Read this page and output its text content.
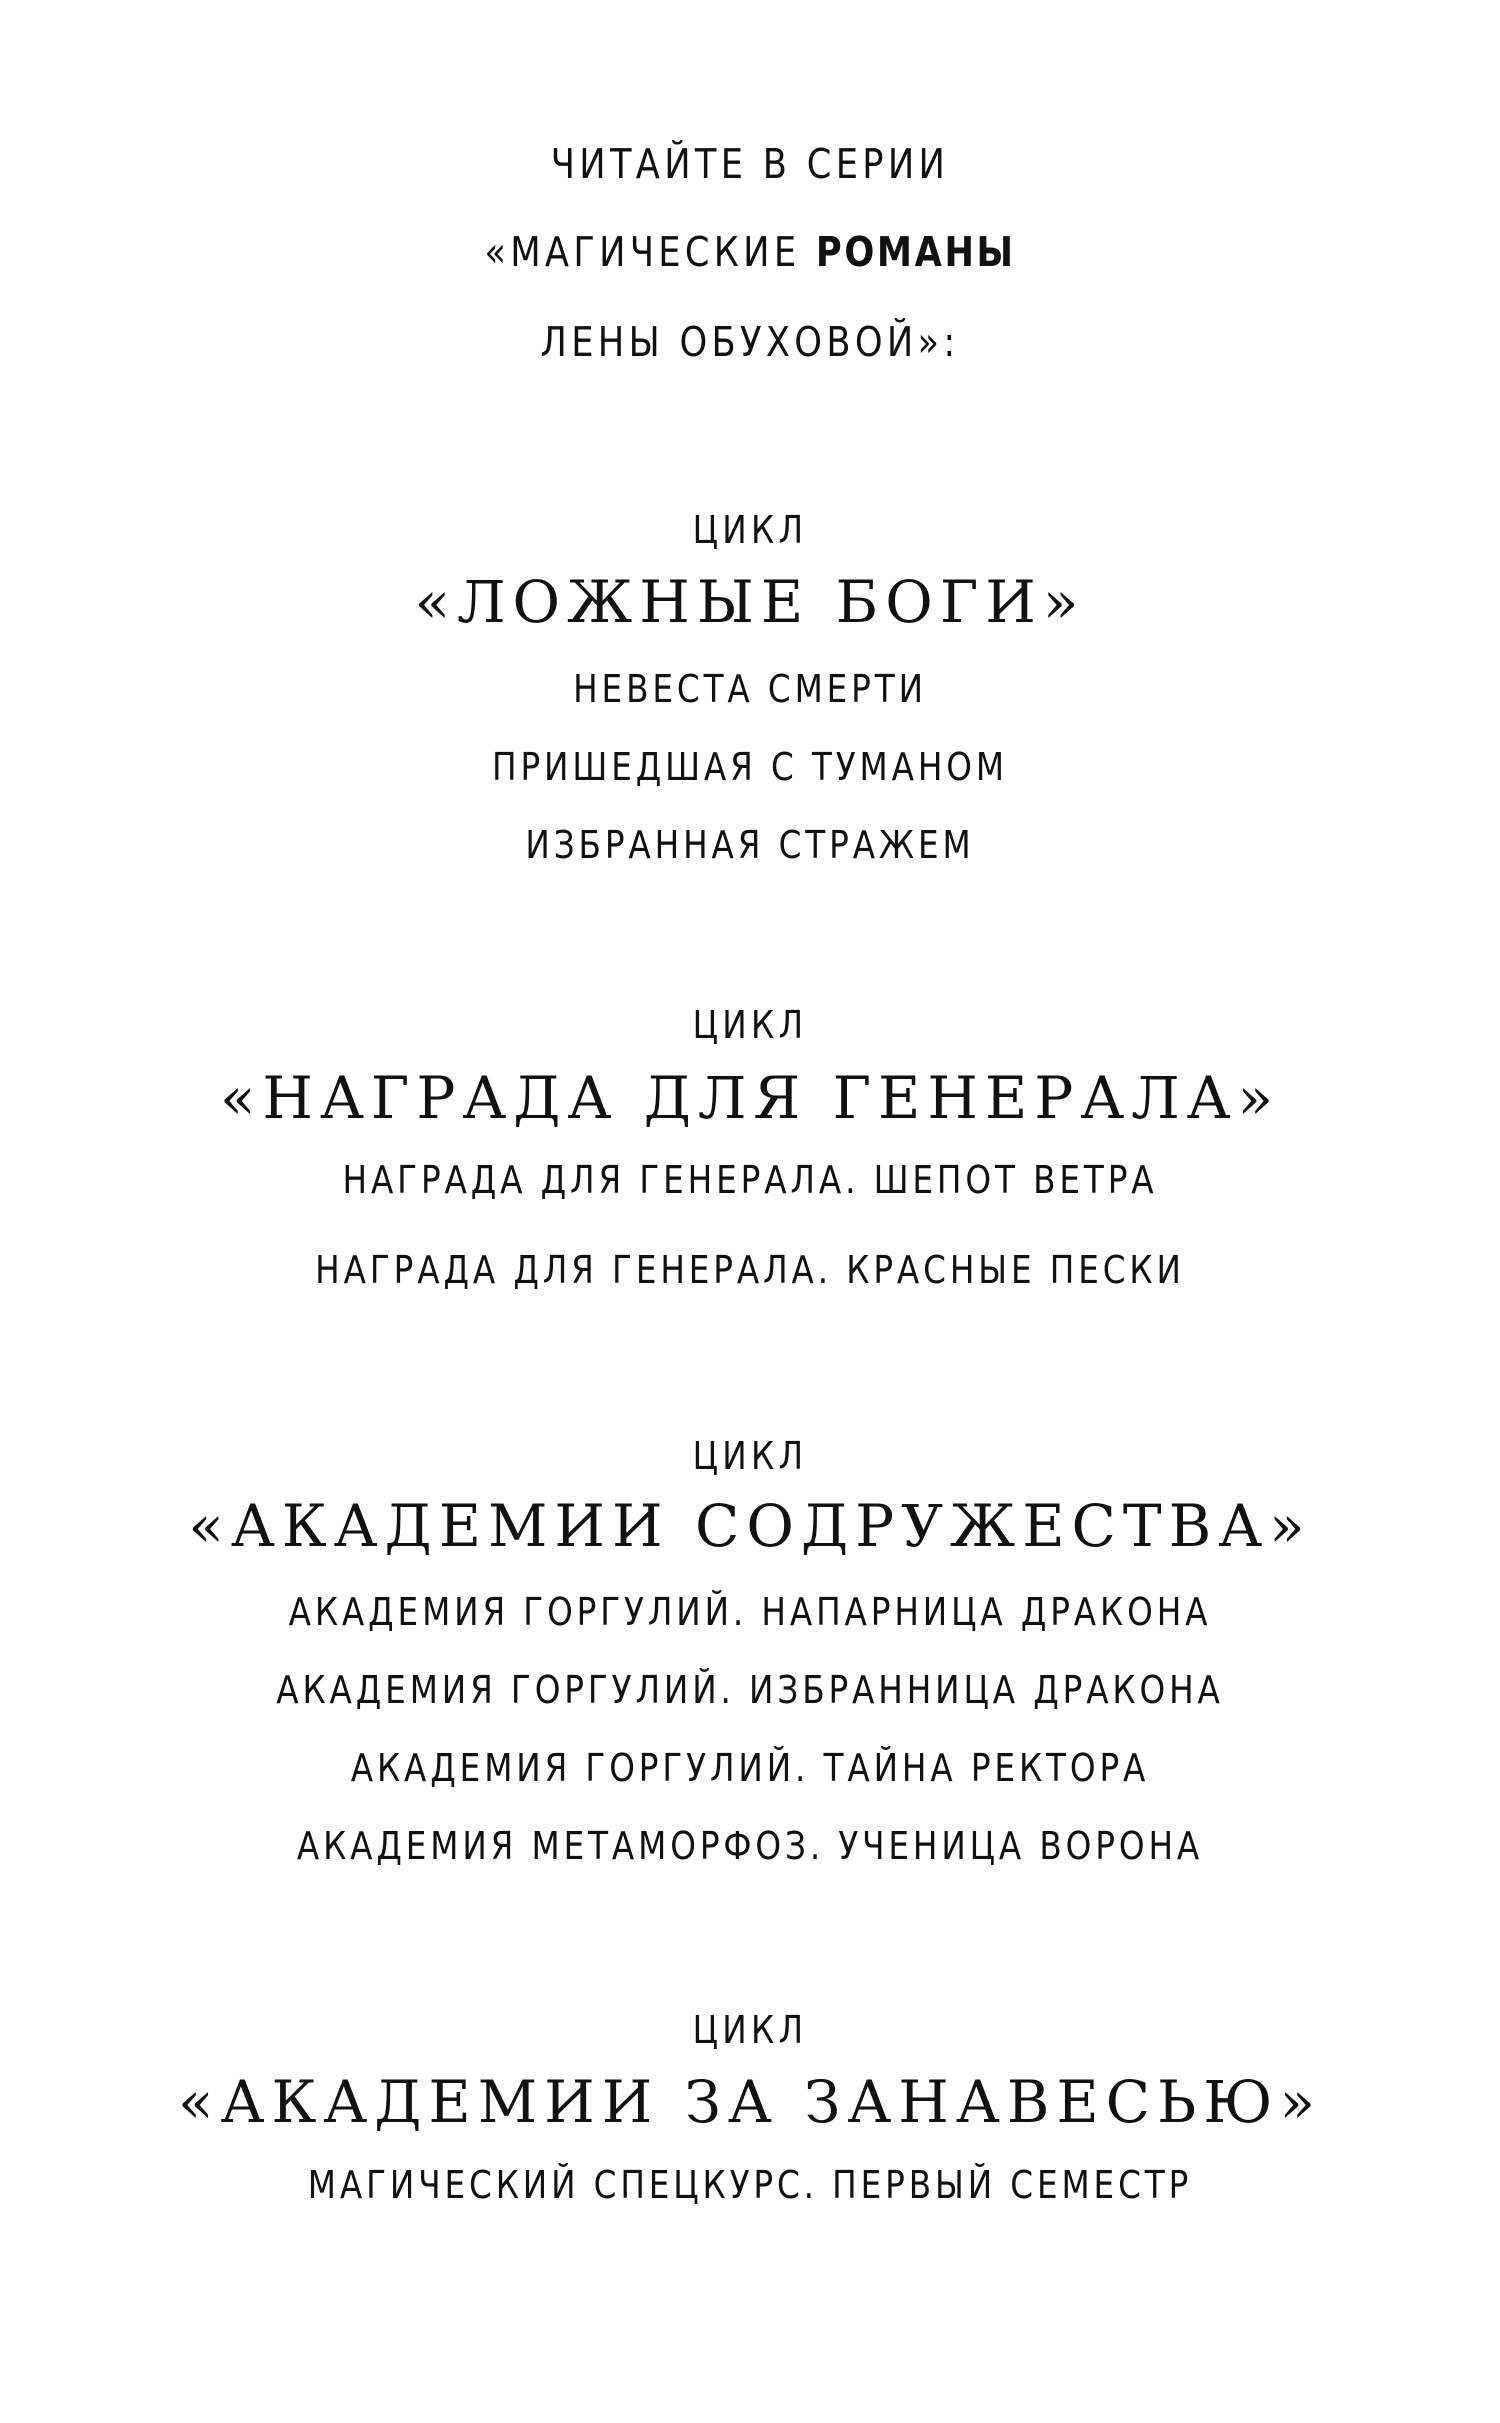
ЧИТАЙТЕ В СЕРИИ
«МАГИЧЕСКИЕ РОМАНЫ
ЛЕНЫ ОБУХОВОЙ»:
ЦИКЛ
«ЛОЖНЫЕ БОГИ»
НЕВЕСТА СМЕРТИ
ПРИШЕДШАЯ С ТУМАНОМ
ИЗБРАННАЯ СТРАЖЕМ
ЦИКЛ
«НАГРАДА ДЛЯ ГЕНЕРАЛА»
НАГРАДА ДЛЯ ГЕНЕРАЛА. ШЕПОТ ВЕТРА
НАГРАДА ДЛЯ ГЕНЕРАЛА. КРАСНЫЕ ПЕСКИ
ЦИКЛ
«АКАДЕМИИ СОДРУЖЕСТВА»
АКАДЕМИЯ ГОРГУЛИЙ. НАПАРНИЦА ДРАКОНА
АКАДЕМИЯ ГОРГУЛИЙ. ИЗБРАННИЦА ДРАКОНА
АКАДЕМИЯ ГОРГУЛИЙ. ТАЙНА РЕКТОРА
АКАДЕМИЯ МЕТАМОРФОЗ. УЧЕНИЦА ВОРОНА
ЦИКЛ
«АКАДЕМИИ ЗА ЗАНАВЕСЬЮ»
МАГИЧЕСКИЙ СПЕЦКУРС. ПЕРВЫЙ СЕМЕСТР
